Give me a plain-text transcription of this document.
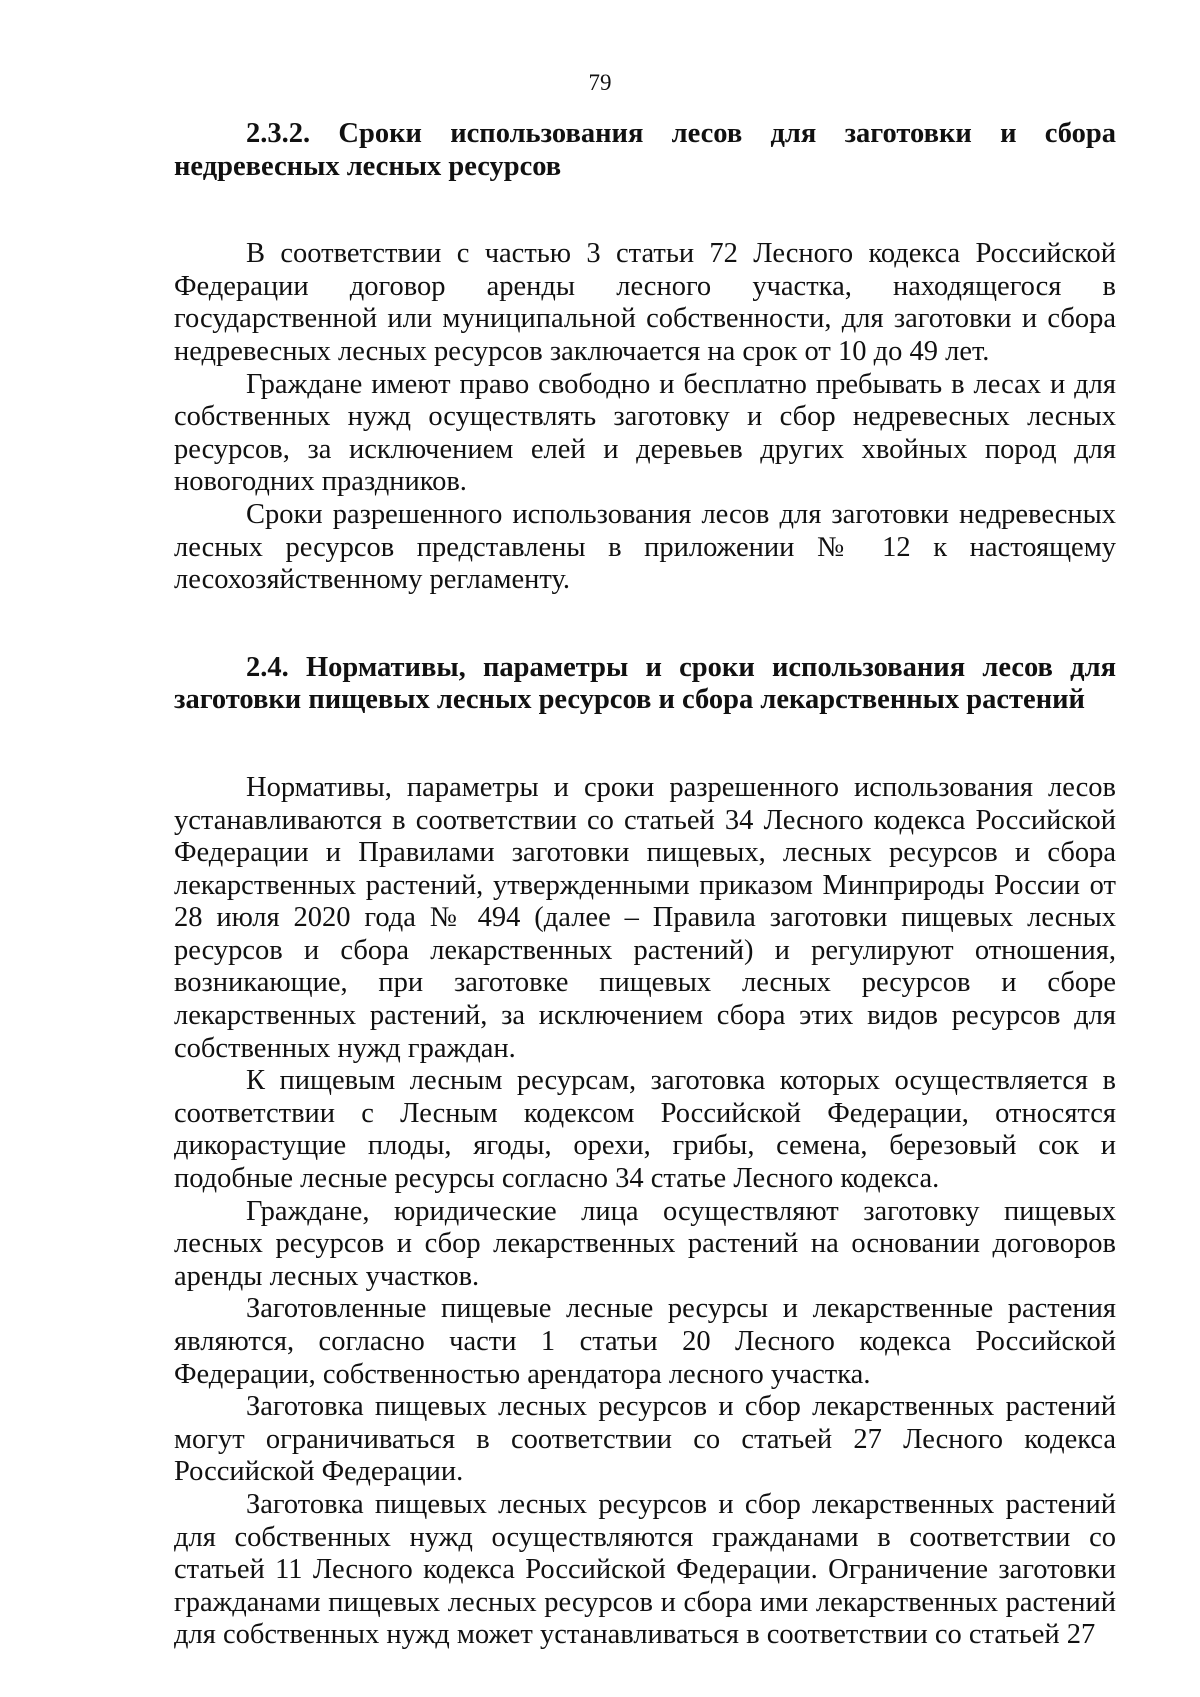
79

2.3.2. Сроки использования лесов для заготовки и сбора недревесных лесных ресурсов

В соответствии с частью 3 статьи 72 Лесного кодекса Российской Федерации договор аренды лесного участка, находящегося в государственной или муниципальной собственности, для заготовки и сбора недревесных лесных ресурсов заключается на срок от 10 до 49 лет.

Граждане имеют право свободно и бесплатно пребывать в лесах и для собственных нужд осуществлять заготовку и сбор недревесных лесных ресурсов, за исключением елей и деревьев других хвойных пород для новогодних праздников.

Сроки разрешенного использования лесов для заготовки недревесных лесных ресурсов представлены в приложении № 12 к настоящему лесохозяйственному регламенту.

2.4. Нормативы, параметры и сроки использования лесов для заготовки пищевых лесных ресурсов и сбора лекарственных растений

Нормативы, параметры и сроки разрешенного использования лесов устанавливаются в соответствии со статьей 34 Лесного кодекса Российской Федерации и Правилами заготовки пищевых, лесных ресурсов и сбора лекарственных растений, утвержденными приказом Минприроды России от 28 июля 2020 года № 494 (далее – Правила заготовки пищевых лесных ресурсов и сбора лекарственных растений) и регулируют отношения, возникающие, при заготовке пищевых лесных ресурсов и сборе лекарственных растений, за исключением сбора этих видов ресурсов для собственных нужд граждан.

К пищевым лесным ресурсам, заготовка которых осуществляется в соответствии с Лесным кодексом Российской Федерации, относятся дикорастущие плоды, ягоды, орехи, грибы, семена, березовый сок и подобные лесные ресурсы согласно 34 статье Лесного кодекса.

Граждане, юридические лица осуществляют заготовку пищевых лесных ресурсов и сбор лекарственных растений на основании договоров аренды лесных участков.

Заготовленные пищевые лесные ресурсы и лекарственные растения являются, согласно части 1 статьи 20 Лесного кодекса Российской Федерации, собственностью арендатора лесного участка.

Заготовка пищевых лесных ресурсов и сбор лекарственных растений могут ограничиваться в соответствии со статьей 27 Лесного кодекса Российской Федерации.

Заготовка пищевых лесных ресурсов и сбор лекарственных растений для собственных нужд осуществляются гражданами в соответствии со статьей 11 Лесного кодекса Российской Федерации. Ограничение заготовки гражданами пищевых лесных ресурсов и сбора ими лекарственных растений для собственных нужд может устанавливаться в соответствии со статьей 27
